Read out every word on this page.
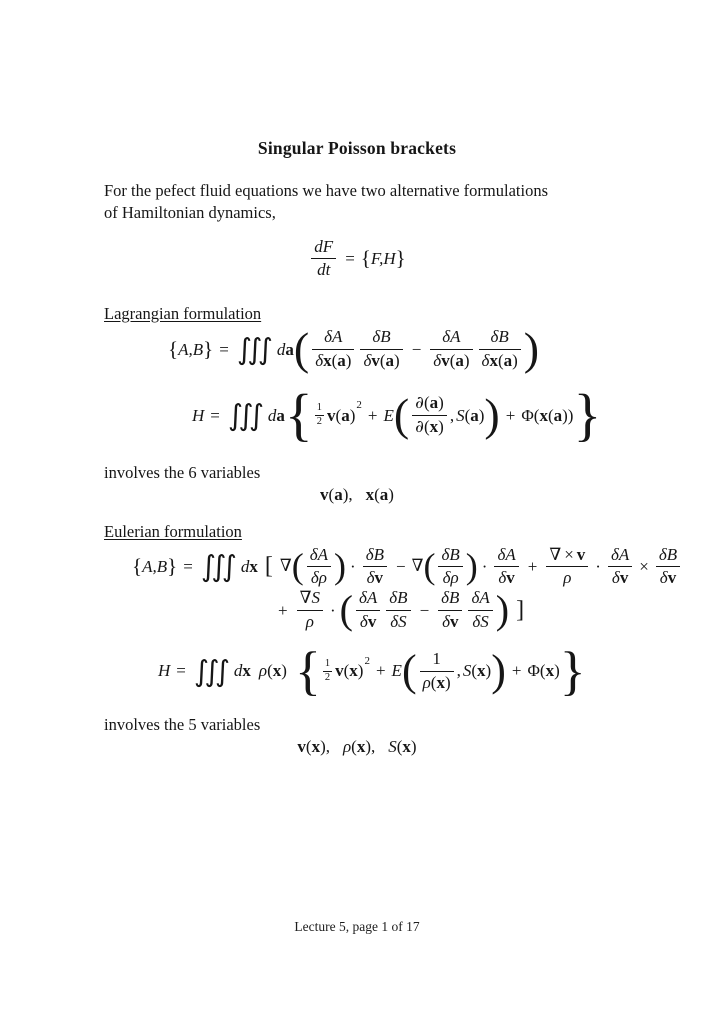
Singular Poisson brackets
For the pefect fluid equations we have two alternative formulations
of Hamiltonian dynamics,
$\frac{dF}{dt}$ = { F,H }
Lagrangian formulation
{ A,B } = ∫∫∫ d a ( $\frac{\delta A}{\delta x(a)} \frac{\delta B}{\delta v(a)} - \frac{\delta A}{\delta v(a)} \frac{\delta B}{\delta x(a)}$ )
H = ∫∫∫ d a { $\frac{1}{2}$ v ( a )
2
+ E ( $\frac{\partial(a)}{\partial(x)}$ , S ( a ) ) + Φ ( x ( a ) ) }
involves the 6 variables
v ( a ) , x ( a )
Eulerian formulation
{ A,B } = ∫∫∫ d x [ ∇ ( $\frac{\delta A}{\delta\rho}$ ) · $\frac{\delta B}{\delta v}$ − ∇ ( $\frac{\delta B}{\delta\rho}$ ) · $\frac{\delta A}{\delta v} + \frac{\nabla \times v}{\rho} \cdot \frac{\delta A}{\delta v} \times \frac{\delta B}{\delta v}$
+ $\frac{\nabla S}{\rho}$ · ( $\frac{\delta A}{\delta v} \frac{\delta B}{\delta S} - \frac{\delta B}{\delta v} \frac{\delta A}{\delta S}$ ) ]
H = ∫∫∫ d x ρ ( x ) { $\frac{1}{2}$ v ( x )
2
+ E ( $\frac{1}{\rho(x)}$ , S ( x ) ) + Φ ( x ) }
involves the 5 variables
v ( x ) , ρ ( x ) , S ( x )
Lecture 5, page 1 of 17
